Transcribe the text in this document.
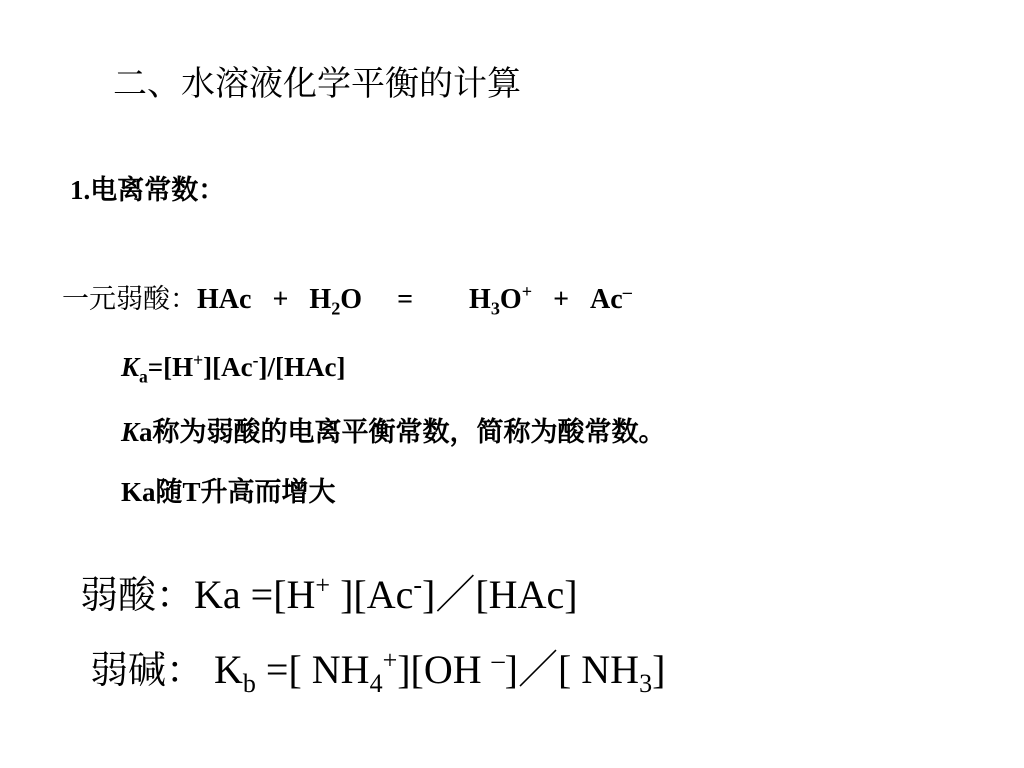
二、水溶液化学平衡的计算
1.电离常数：
一元弱酸：HAc + $H_2O = H_3O^+ + Ac^-$
$K_a=[H^+][Ac^-]/[HAc]$
Ka称为弱酸的电离平衡常数，简称为酸常数。
Ka随T升高而增大
弱酸：Ka =[H+ ][Ac-]／[HAc]
弱碱： $K_b$ =[ $NH_4^+][OH$ –]／[ $NH_3$]
